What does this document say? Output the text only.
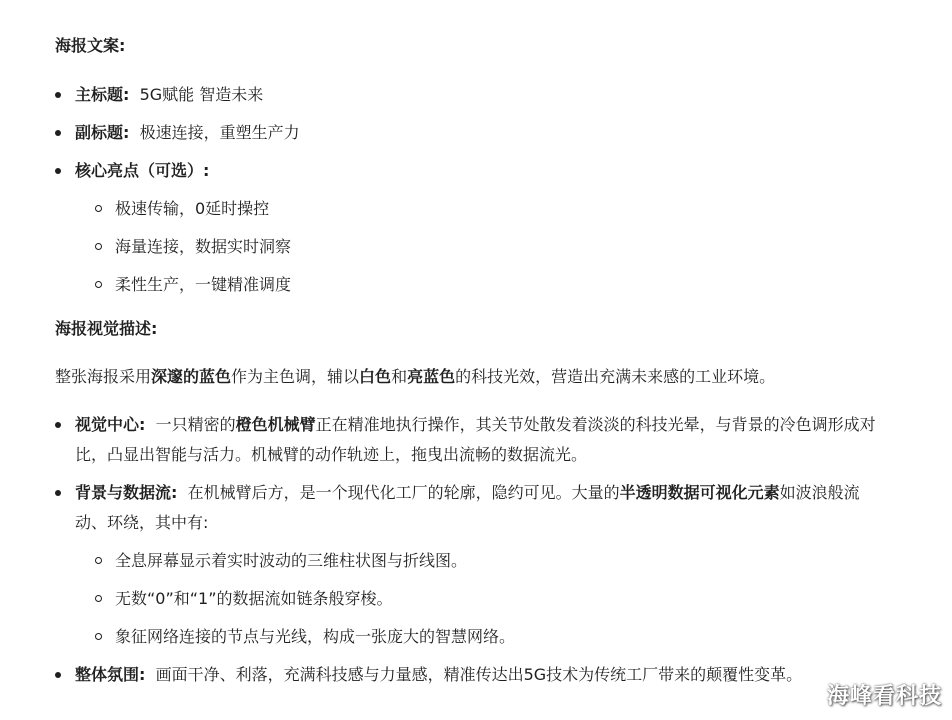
海报文案:

主标题: 5G赋能 智造未来
副标题: 极速连接，重塑生产力
核心亮点（可选）:
极速传输，0延时操控
海量连接，数据实时洞察
柔性生产，一键精准调度

海报视觉描述:

整张海报采用深邃的蓝色作为主色调，辅以白色和亮蓝色的科技光效，营造出充满未来感的工业环境。

视觉中心: 一只精密的橙色机械臂正在精准地执行操作，其关节处散发着淡淡的科技光晕，与背景的冷色调形成对比，凸显出智能与活力。机械臂的动作轨迹上，拖曳出流畅的数据流光。
背景与数据流: 在机械臂后方，是一个现代化工厂的轮廓，隐约可见。大量的半透明数据可视化元素如波浪般流动、环绕，其中有:
全息屏幕显示着实时波动的三维柱状图与折线图。
无数“0”和“1”的数据流如链条般穿梭。
象征网络连接的节点与光线，构成一张庞大的智慧网络。
整体氛围: 画面干净、利落，充满科技感与力量感，精准传达出5G技术为传统工厂带来的颠覆性变革。
海峰看科技
